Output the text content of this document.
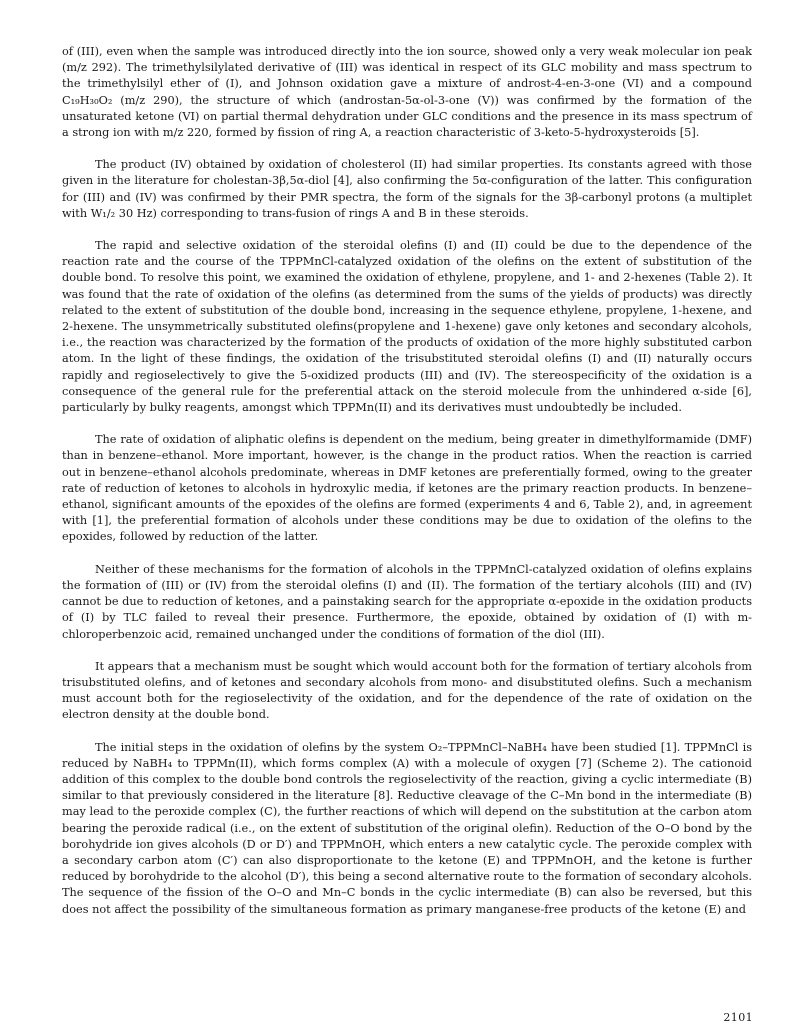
of (III), even when the sample was introduced directly into the ion source, showed only a very weak molecular ion peak (m/z 292). The trimethylsilylated derivative of (III) was identical in respect of its GLC mobility and mass spectrum to the trimethylsilyl ether of (I), and Johnson oxidation gave a mixture of androst-4-en-3-one (VI) and a compound C₁₉H₃₀O₂ (m/z 290), the structure of which (androstan-5α-ol-3-one (V)) was confirmed by the formation of the unsaturated ketone (VI) on partial thermal dehydration under GLC conditions and the presence in its mass spectrum of a strong ion with m/z 220, formed by fission of ring A, a reaction characteristic of 3-keto-5-hydroxysteroids [5].

The product (IV) obtained by oxidation of cholesterol (II) had similar properties. Its constants agreed with those given in the literature for cholestan-3β,5α-diol [4], also confirming the 5α-configuration of the latter. This configuration for (III) and (IV) was confirmed by their PMR spectra, the form of the signals for the 3β-carbonyl protons (a multiplet with W₁/₂ 30 Hz) corresponding to trans-fusion of rings A and B in these steroids.

The rapid and selective oxidation of the steroidal olefins (I) and (II) could be due to the dependence of the reaction rate and the course of the TPPMnCl-catalyzed oxidation of the olefins on the extent of substitution of the double bond. To resolve this point, we examined the oxidation of ethylene, propylene, and 1- and 2-hexenes (Table 2). It was found that the rate of oxidation of the olefins (as determined from the sums of the yields of products) was directly related to the extent of substitution of the double bond, increasing in the sequence ethylene, propylene, 1-hexene, and 2-hexene. The unsymmetrically substituted olefins(propylene and 1-hexene) gave only ketones and secondary alcohols, i.e., the reaction was characterized by the formation of the products of oxidation of the more highly substituted carbon atom. In the light of these findings, the oxidation of the trisubstituted steroidal olefins (I) and (II) naturally occurs rapidly and regioselectively to give the 5-oxidized products (III) and (IV). The stereospecificity of the oxidation is a consequence of the general rule for the preferential attack on the steroid molecule from the unhindered α-side [6], particularly by bulky reagents, amongst which TPPMn(II) and its derivatives must undoubtedly be included.

The rate of oxidation of aliphatic olefins is dependent on the medium, being greater in dimethylformamide (DMF) than in benzene–ethanol. More important, however, is the change in the product ratios. When the reaction is carried out in benzene–ethanol alcohols predominate, whereas in DMF ketones are preferentially formed, owing to the greater rate of reduction of ketones to alcohols in hydroxylic media, if ketones are the primary reaction products. In benzene–ethanol, significant amounts of the epoxides of the olefins are formed (experiments 4 and 6, Table 2), and, in agreement with [1], the preferential formation of alcohols under these conditions may be due to oxidation of the olefins to the epoxides, followed by reduction of the latter.

Neither of these mechanisms for the formation of alcohols in the TPPMnCl-catalyzed oxidation of olefins explains the formation of (III) or (IV) from the steroidal olefins (I) and (II). The formation of the tertiary alcohols (III) and (IV) cannot be due to reduction of ketones, and a painstaking search for the appropriate α-epoxide in the oxidation products of (I) by TLC failed to reveal their presence. Furthermore, the epoxide, obtained by oxidation of (I) with m-chloroperbenzoic acid, remained unchanged under the conditions of formation of the diol (III).

It appears that a mechanism must be sought which would account both for the formation of tertiary alcohols from trisubstituted olefins, and of ketones and secondary alcohols from mono- and disubstituted olefins. Such a mechanism must account both for the regioselectivity of the oxidation, and for the dependence of the rate of oxidation on the electron density at the double bond.

The initial steps in the oxidation of olefins by the system O₂–TPPMnCl–NaBH₄ have been studied [1]. TPPMnCl is reduced by NaBH₄ to TPPMn(II), which forms complex (A) with a molecule of oxygen [7] (Scheme 2). The cationoid addition of this complex to the double bond controls the regioselectivity of the reaction, giving a cyclic intermediate (B) similar to that previously considered in the literature [8]. Reductive cleavage of the C–Mn bond in the intermediate (B) may lead to the peroxide complex (C), the further reactions of which will depend on the substitution at the carbon atom bearing the peroxide radical (i.e., on the extent of substitution of the original olefin). Reduction of the O–O bond by the borohydride ion gives alcohols (D or D′) and TPPMnOH, which enters a new catalytic cycle. The peroxide complex with a secondary carbon atom (C′) can also disproportionate to the ketone (E) and TPPMnOH, and the ketone is further reduced by borohydride to the alcohol (D′), this being a second alternative route to the formation of secondary alcohols. The sequence of the fission of the O–O and Mn–C bonds in the cyclic intermediate (B) can also be reversed, but this does not affect the possibility of the simultaneous formation as primary manganese-free products of the ketone (E) and

2101
